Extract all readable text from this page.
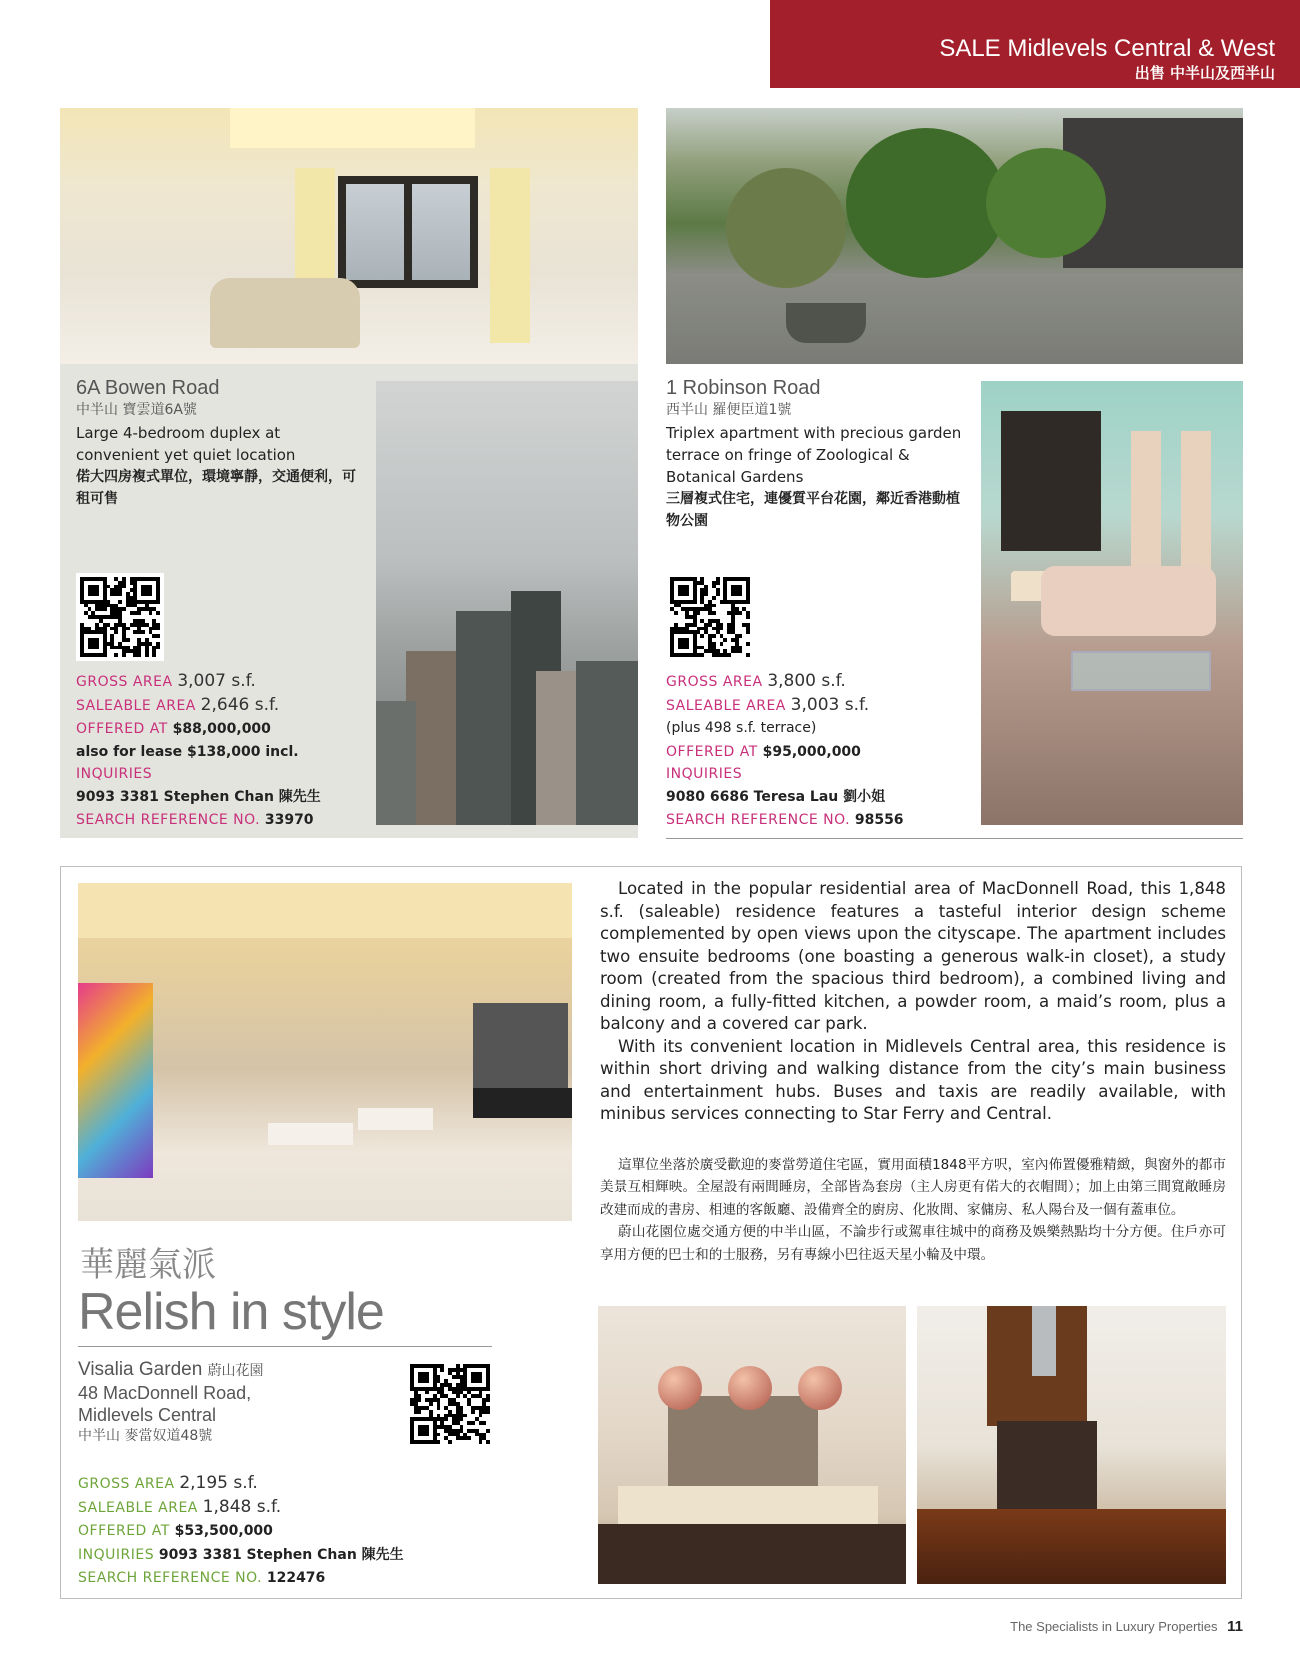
SALE Midlevels Central & West
出售 中半山及西半山
6A Bowen Road
中半山 寶雲道6A號
Large 4-bedroom duplex at convenient yet quiet location
偌大四房複式單位，環境寧靜，交通便利，可租可售
GROSS AREA 3,007 s.f.
SALEABLE AREA 2,646 s.f.
OFFERED AT $88,000,000
also for lease $138,000 incl.
INQUIRIES
9093 3381 Stephen Chan 陳先生
SEARCH REFERENCE NO. 33970
1 Robinson Road
西半山 羅便臣道1號
Triplex apartment with precious garden terrace on fringe of Zoological & Botanical Gardens
三層複式住宅，連優質平台花園，鄰近香港動植物公園
GROSS AREA 3,800 s.f.
SALEABLE AREA 3,003 s.f.
(plus 498 s.f. terrace)
OFFERED AT $95,000,000
INQUIRIES
9080 6686 Teresa Lau 劉小姐
SEARCH REFERENCE NO. 98556
華麗氣派
Relish in style
Visalia Garden 蔚山花園
48 MacDonnell Road,
Midlevels Central
中半山 麥當奴道48號
GROSS AREA 2,195 s.f.
SALEABLE AREA 1,848 s.f.
OFFERED AT $53,500,000
INQUIRIES 9093 3381 Stephen Chan 陳先生
SEARCH REFERENCE NO. 122476

Located in the popular residential area of MacDonnell Road, this 1,848 s.f. (saleable) residence features a tasteful interior design scheme complemented by open views upon the cityscape. The apartment includes two ensuite bedrooms (one boasting a generous walk-in closet), a study room (created from the spacious third bedroom), a combined living and dining room, a fully-fitted kitchen, a powder room, a maid’s room, plus a balcony and a covered car park.

With its convenient location in Midlevels Central area, this residence is within short driving and walking distance from the city’s main business and entertainment hubs. Buses and taxis are readily available, with minibus services connecting to Star Ferry and Central.

這單位坐落於廣受歡迎的麥當勞道住宅區，實用面積1848平方呎，室內佈置優雅精緻，與窗外的都市美景互相輝映。全屋設有兩間睡房，全部皆為套房（主人房更有偌大的衣帽間）；加上由第三間寬敞睡房改建而成的書房、相連的客飯廳、設備齊全的廚房、化妝間、家傭房、私人陽台及一個有蓋車位。

蔚山花園位處交通方便的中半山區，不論步行或駕車往城中的商務及娛樂熱點均十分方便。住戶亦可享用方便的巴士和的士服務，另有專線小巴往返天星小輪及中環。

The Specialists in Luxury Properties 11
